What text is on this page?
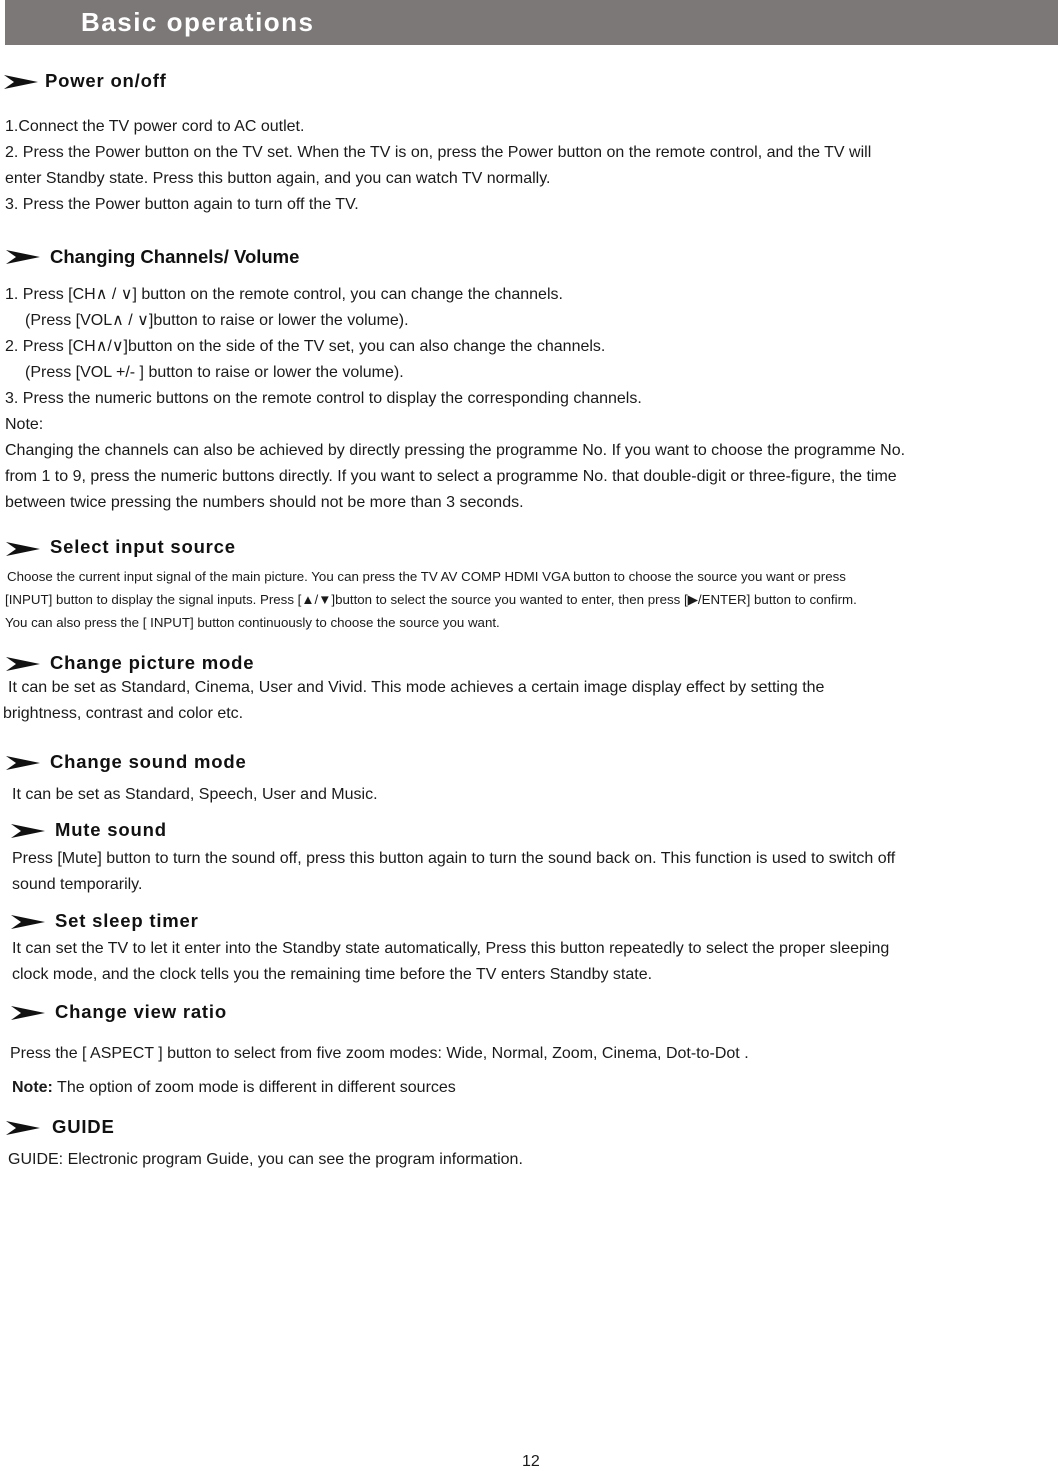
Basic operations
Power on/off

1.Connect the TV power cord to AC outlet.

2. Press the Power button on the TV set. When the TV is on, press the Power button on the remote control, and the TV will

enter Standby state. Press this button again, and you can watch TV normally.

3. Press the Power button again to turn off the TV.

Changing Channels/ Volume

1. Press [CH∧ / ∨] button on the remote control, you can change the channels.

(Press [VOL∧ / ∨]button to raise or lower the volume).

2. Press [CH∧/∨]button on the side of the TV set, you can also change the channels.

(Press [VOL +/- ] button to raise or lower the volume).

3. Press the numeric buttons on the remote control to display the corresponding channels.

Note:

Changing the channels can also be achieved by directly pressing the programme No. If you want to choose the programme No.

from 1 to 9, press the numeric buttons directly. If you want to select a programme No. that double-digit or three-figure, the time

between twice pressing the numbers should not be more than 3 seconds.

Select input source

Choose the current input signal of the main picture. You can press the TV AV COMP HDMI VGA button to choose the source you want or press

[INPUT] button to display the signal inputs. Press [▲/▼]button to select the source you wanted to enter, then press [▶/ENTER] button to confirm.

You can also press the [ INPUT] button continuously to choose the source you want.

Change picture mode

It can be set as Standard, Cinema, User and Vivid. This mode achieves a certain image display effect by setting the

brightness, contrast and color etc.

Change sound mode

It can be set as Standard, Speech, User and Music.

Mute sound

Press [Mute] button to turn the sound off, press this button again to turn the sound back on. This function is used to switch off

sound temporarily.

Set sleep timer

It can set the TV to let it enter into the Standby state automatically, Press this button repeatedly to select the proper sleeping

clock mode, and the clock tells you the remaining time before the TV enters Standby state.

Change view ratio

Press the [ ASPECT ] button to select from five zoom modes: Wide, Normal, Zoom, Cinema, Dot-to-Dot .

Note: The option of zoom mode is different in different sources

GUIDE

GUIDE: Electronic program Guide, you can see the program information.

12
